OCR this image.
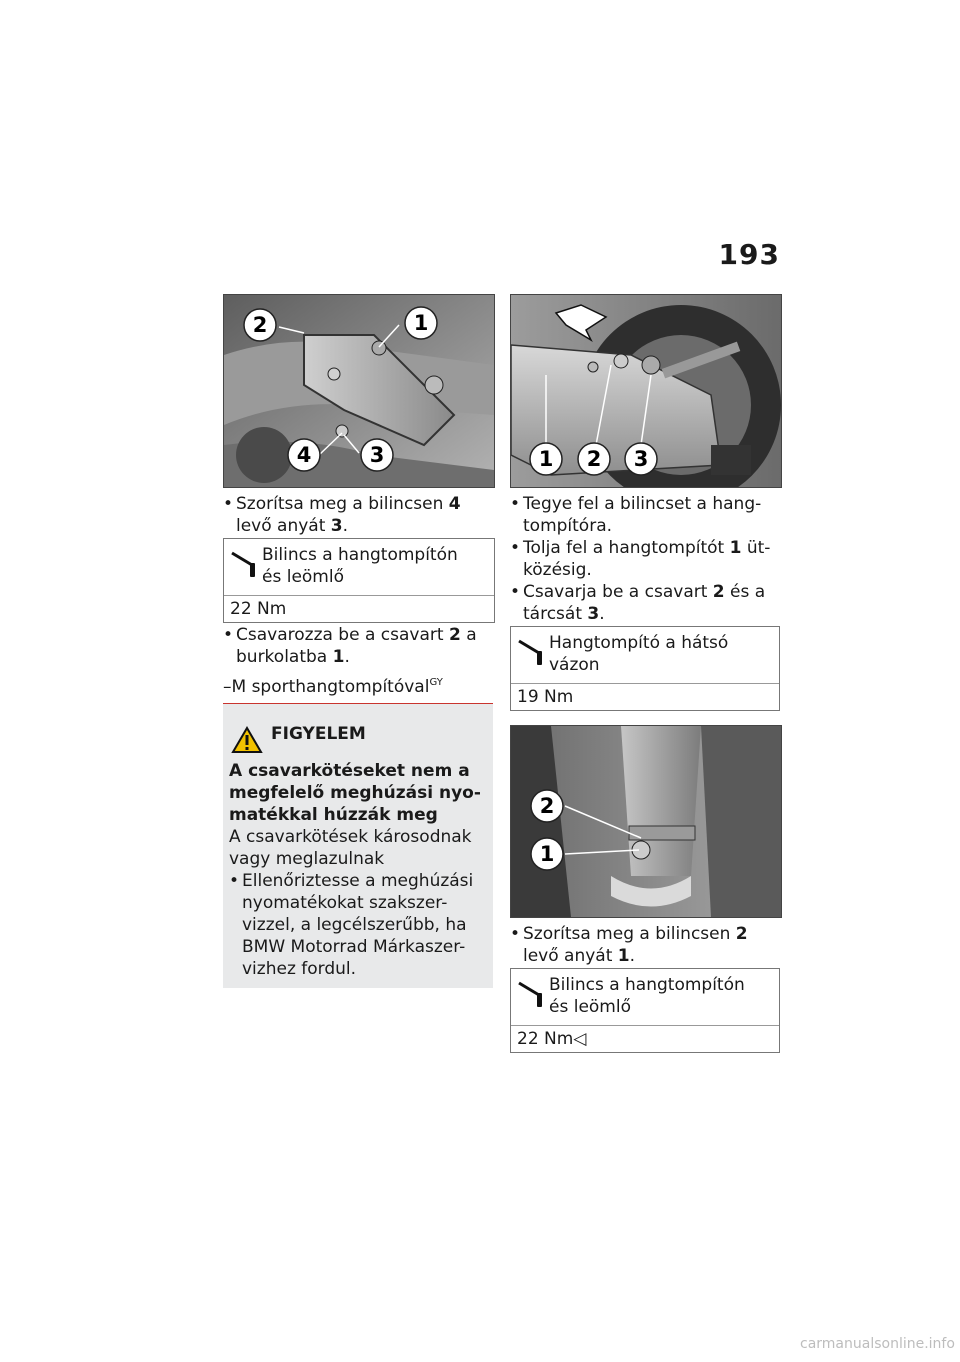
193
2	1
4	3
• Szorítsa meg a bilincsen 4
levő anyát 3.
Bilincs a hangtompítón
és leömlő
22 Nm
• Csavarozza be a csavart 2 a
burkolatba 1.
–M sporthangtompítóval$^{GY}$
FIGYELEM
A csavarkötéseket nem a
megfelelő meghúzási nyo-
matékkal húzzák meg
A csavarkötések károsodnak
vagy meglazulnak
• Ellenőriztesse a meghúzási
nyomatékokat szakszer-
vizzel, a legcélszerűbb, ha
BMW Motorrad Márkaszer-
vizhez fordul.
1 2 3
• Tegye fel a bilincset a hang-
tompítóra.
• Tolja fel a hangtompítót 1 üt-
közésig.
• Csavarja be a csavart 2 és a
tárcsát 3.
Hangtompító a hátsó
vázon
19 Nm
2
1
• Szorítsa meg a bilincsen 2
levő anyát 1.
Bilincs a hangtompítón
és leömlő
22 Nm◁
carmanualsonline.info
